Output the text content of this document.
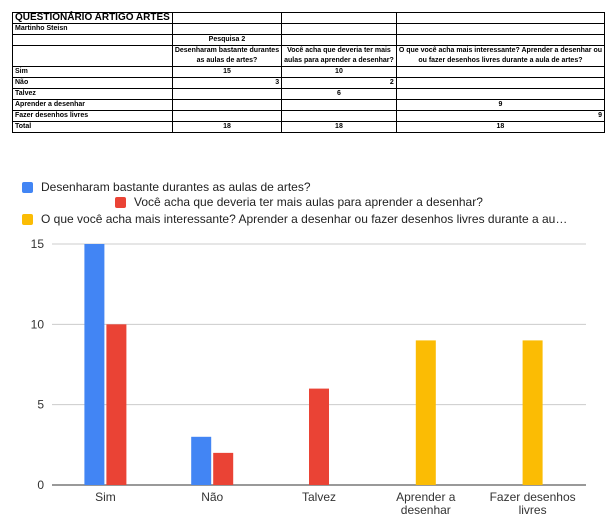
QUESTIONÁRIO ARTIGO ARTES			
Martinho Steisn			
	Pesquisa 2		
	Desenharam bastante durantes	Você acha que deveria ter mais	O que você acha mais interessante? Aprender a desenhar ou
	as aulas de artes?	aulas para aprender a desenhar?	ou fazer desenhos livres durante a aula de artes?
Sim	15	10	
Não	3	2	
Talvez		6	
Aprender a desenhar			9
Fazer desenhos livres			9
Total	18	18	18
Desenharam bastante durantes as aulas de artes?
Você acha que deveria ter mais aulas para aprender a desenhar?
O que você acha mais interessante? Aprender a desenhar ou fazer desenhos livres durante a au…
0
5
10
15
Sim	Não	Talvez	Aprender a desenhar
Fazer desenhos livres
